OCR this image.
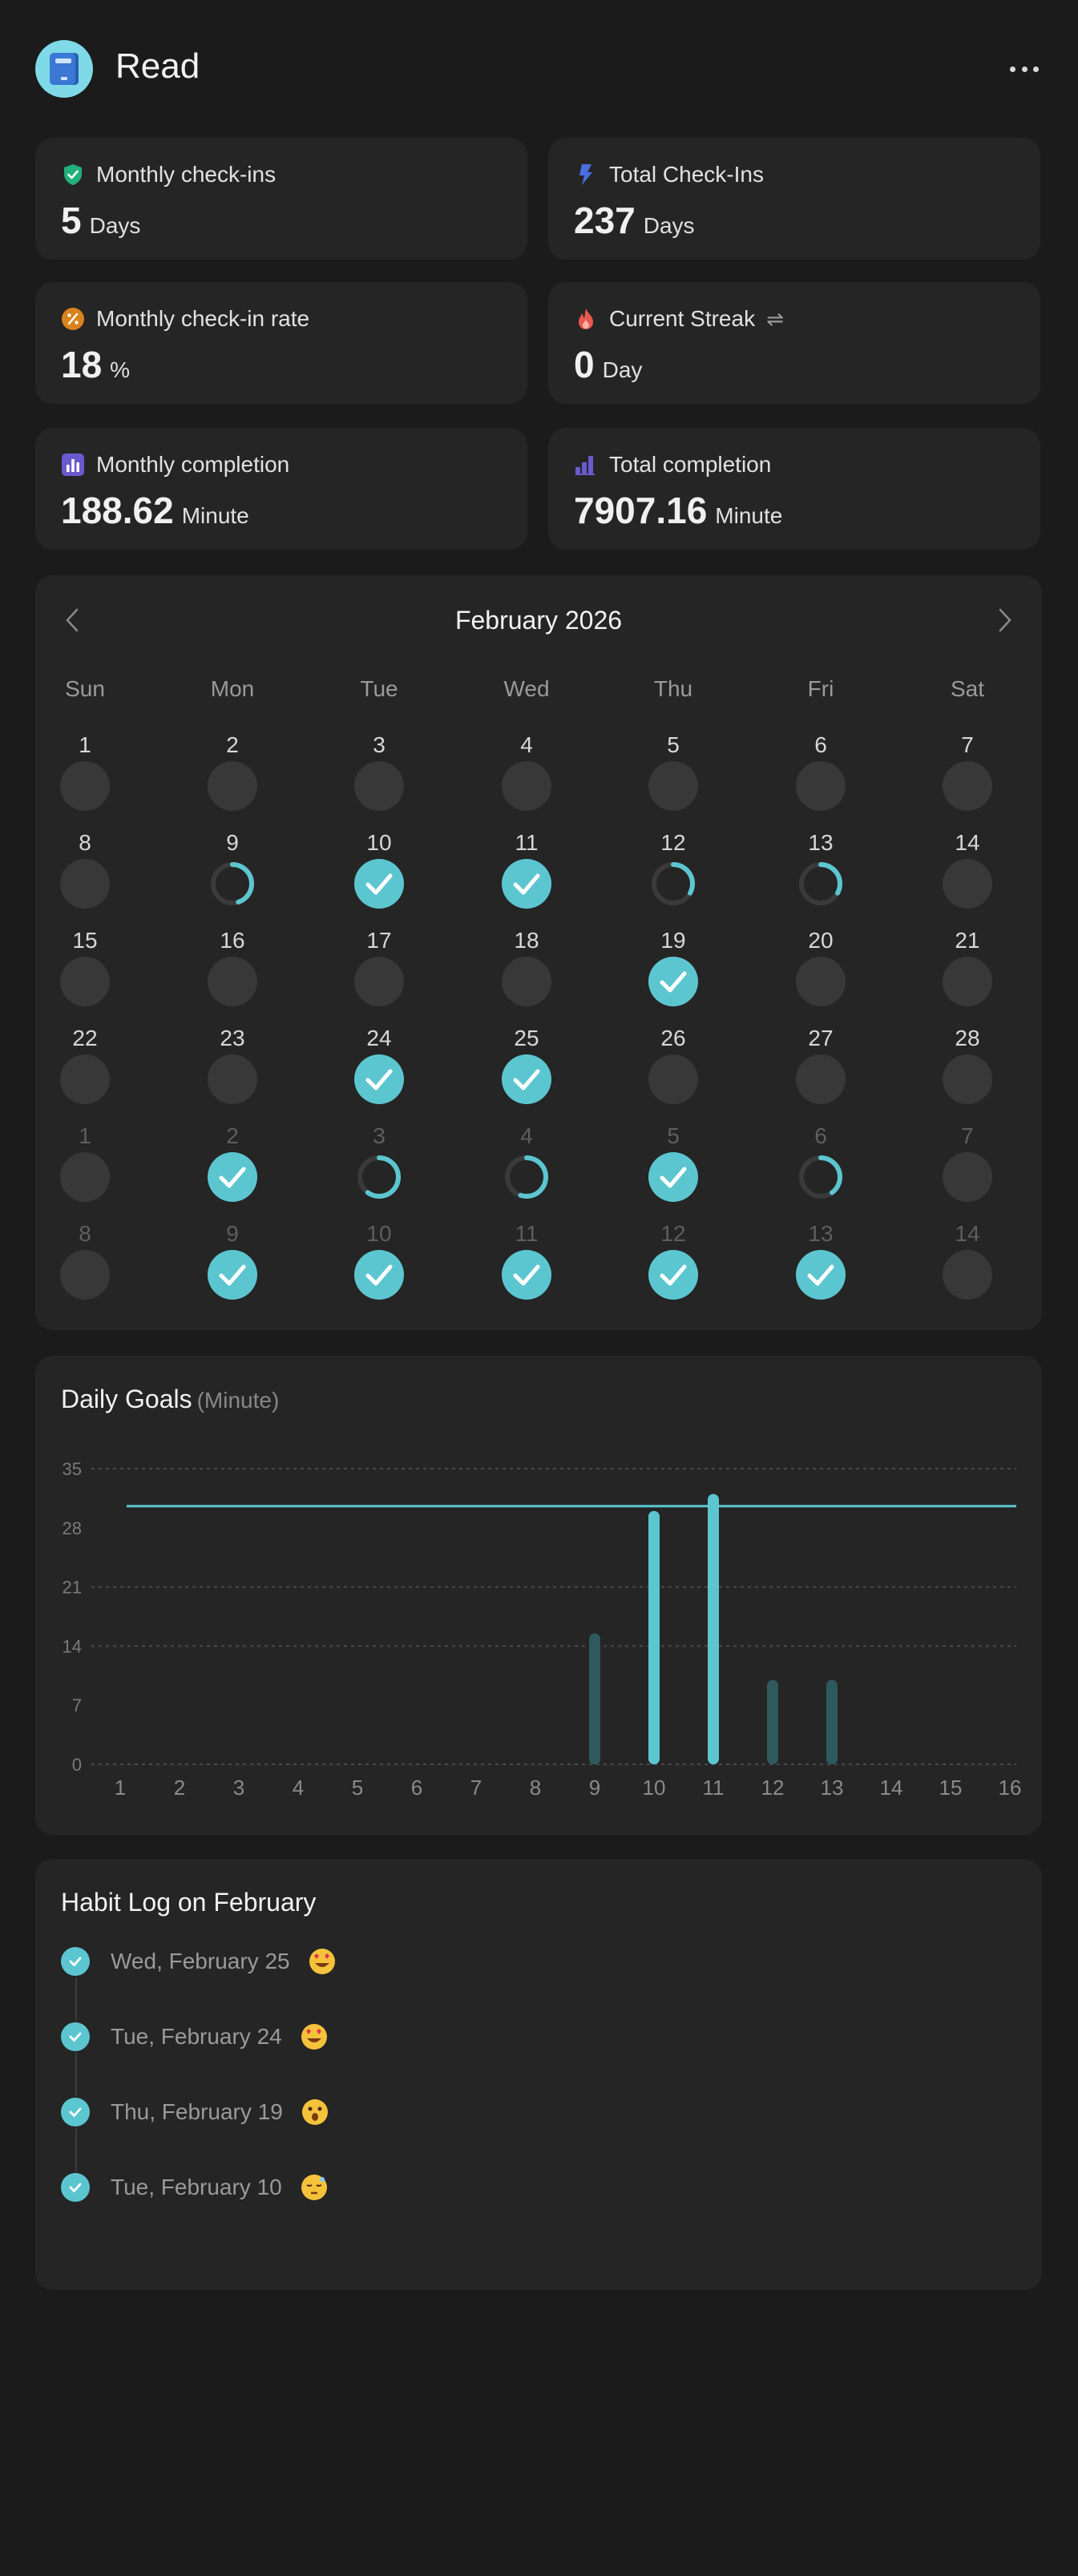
Read
Monthly check-ins
5 Days
Total Check-Ins
237 Days
Monthly check-in rate
18 %
Current Streak ⇌
0 Day
Monthly completion
188.62 Minute
Total completion
7907.16 Minute
February 2026
Sun	Mon	Tue	Wed	Thu	Fri	Sat
1	2	3	4	5	6	7
8	9	10	11	12	13	14
15	16	17	18	19	20	21
22	23	24	25	26	27	28
1	2	3	4	5	6	7
8	9	10	11	12	13	14
Daily Goals (Minute)
0
7
14
21
28
35
1 2 3 4 5 6 7 8 9 10 11 12 13 14 15 16
Habit Log on February
Wed, February 25
Tue, February 24
Thu, February 19
Tue, February 10
